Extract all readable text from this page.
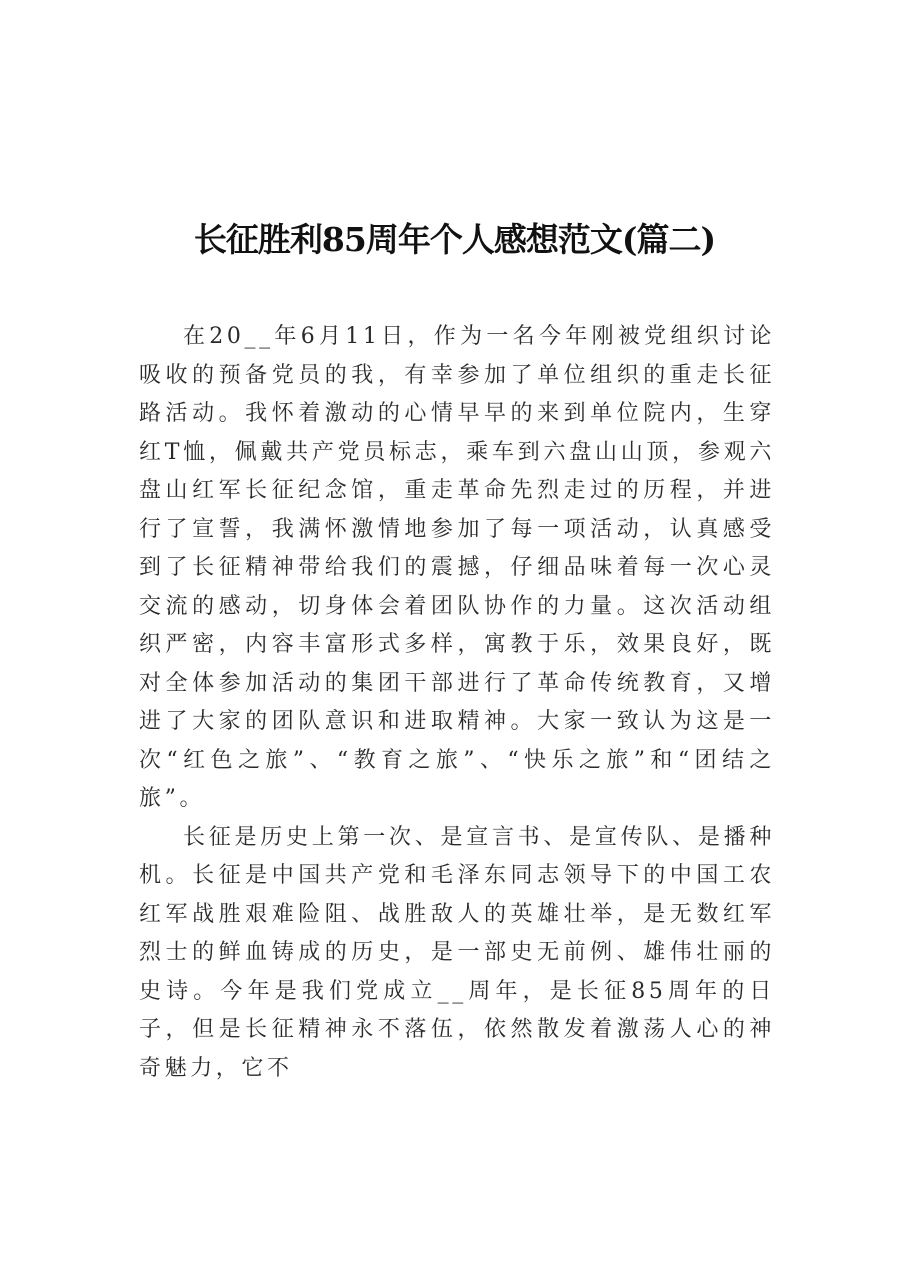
长征胜利85周年个人感想范文(篇二)

在20__年6月11日，作为一名今年刚被党组织讨论吸收的预备党员的我，有幸参加了单位组织的重走长征路活动。我怀着激动的心情早早的来到单位院内，生穿红T恤，佩戴共产党员标志，乘车到六盘山山顶，参观六盘山红军长征纪念馆，重走革命先烈走过的历程，并进行了宣誓，我满怀激情地参加了每一项活动，认真感受到了长征精神带给我们的震撼，仔细品味着每一次心灵交流的感动，切身体会着团队协作的力量。这次活动组织严密，内容丰富形式多样，寓教于乐，效果良好，既对全体参加活动的集团干部进行了革命传统教育，又增进了大家的团队意识和进取精神。大家一致认为这是一次“红色之旅”、“教育之旅”、“快乐之旅”和“团结之旅”。

长征是历史上第一次、是宣言书、是宣传队、是播种机。长征是中国共产党和毛泽东同志领导下的中国工农红军战胜艰难险阻、战胜敌人的英雄壮举，是无数红军烈士的鲜血铸成的历史，是一部史无前例、雄伟壮丽的史诗。今年是我们党成立__周年，是长征85周年的日子，但是长征精神永不落伍，依然散发着激荡人心的神奇魅力，它不
